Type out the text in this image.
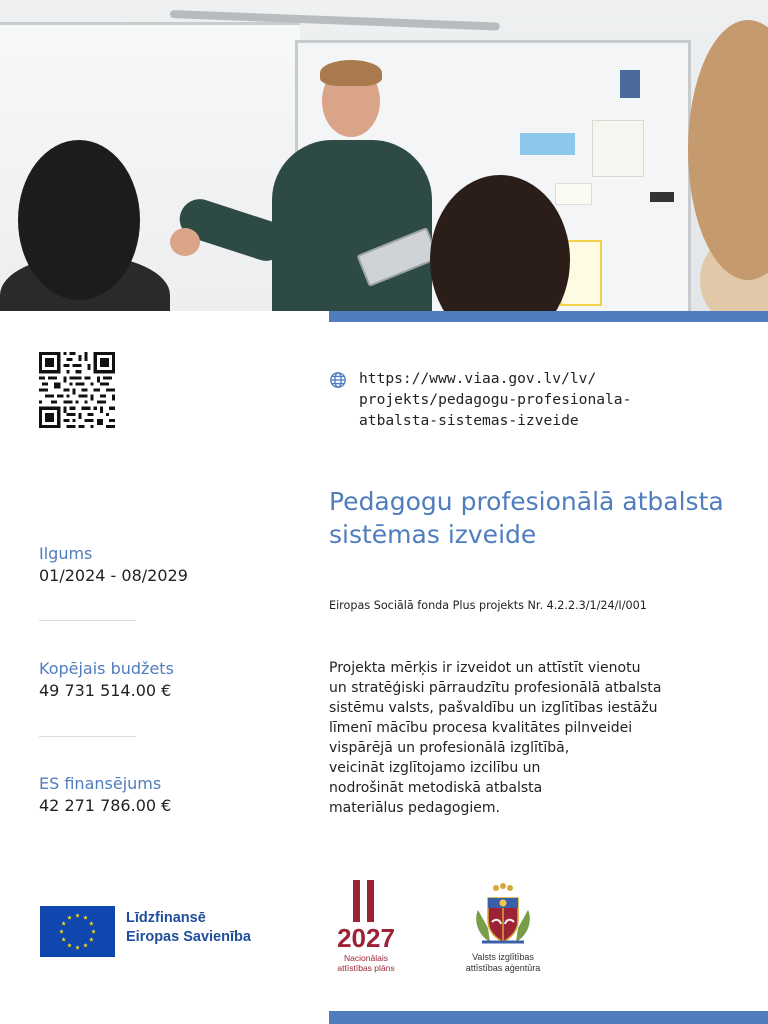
https://www.viaa.gov.lv/lv/
projekts/pedagogu-profesionala-
atbalsta-sistemas-izveide
Ilgums
01/2024 - 08/2029
Kopējais budžets
49 731 514.00 €
ES finansējums
42 271 786.00 €
Pedagogu profesionālā atbalsta sistēmas izveide
Eiropas Sociālā fonda Plus projekts Nr. 4.2.2.3/1/24/I/001
Projekta mērķis ir izveidot un attīstīt vienotu
un stratēģiski pārraudzītu profesionālā atbalsta
sistēmu valsts, pašvaldību un izglītības iestāžu
līmenī mācību procesa kvalitātes pilnveidei
vispārējā un profesionālā izglītībā,
veicināt izglītojamo izcilību un
nodrošināt metodiskā atbalsta
materiālus pedagogiem.
Līdzfinansē
Eiropas Savienība	2027
Nacionālais
attīstības plāns
Valsts izglītības
attīstības aģentūra
